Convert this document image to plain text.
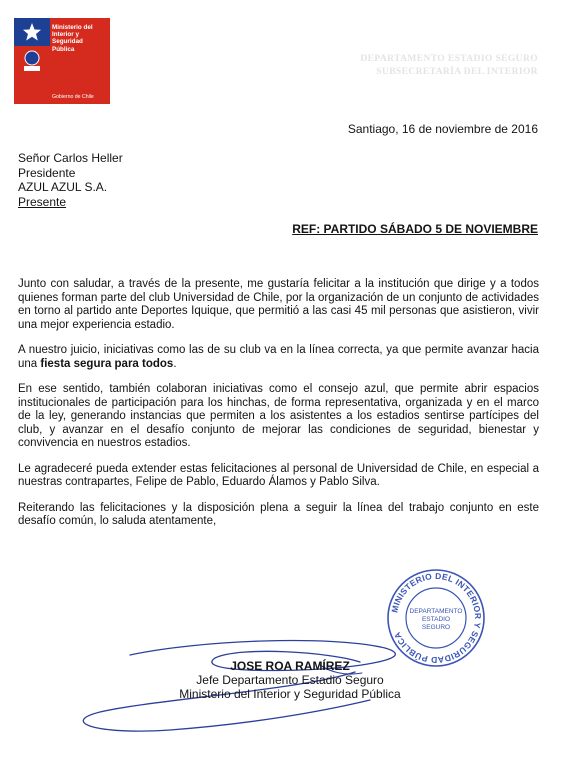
Ministerio del
Interior y
Seguridad
Pública
Gobierno de Chile
DEPARTAMENTO ESTADIO SEGURO
SUBSECRETARÍA DEL INTERIOR
Santiago, 16 de noviembre de 2016
Señor Carlos Heller
Presidente
AZUL AZUL S.A.
Presente
REF: PARTIDO SÁBADO 5 DE NOVIEMBRE

Junto con saludar, a través de la presente, me gustaría felicitar a la institución que dirige y a todos quienes forman parte del club Universidad de Chile, por la organización de un conjunto de actividades en torno al partido ante Deportes Iquique, que permitió a las casi 45 mil personas que asistieron, vivir una mejor experiencia estadio.

A nuestro juicio, iniciativas como las de su club va en la línea correcta, ya que permite avanzar hacia una fiesta segura para todos.

En ese sentido, también colaboran iniciativas como el consejo azul, que permite abrir espacios institucionales de participación para los hinchas, de forma representativa, organizada y en el marco de la ley, generando instancias que permiten a los asistentes a los estadios sentirse partícipes del club, y avanzar en el desafío conjunto de mejorar las condiciones de seguridad, bienestar y convivencia en nuestros estadios.

Le agradeceré pueda extender estas felicitaciones al personal de Universidad de Chile, en especial a nuestras contrapartes, Felipe de Pablo, Eduardo Álamos y Pablo Silva.

Reiterando las felicitaciones y la disposición plena a seguir la línea del trabajo conjunto en este desafío común, lo saluda atentamente,

MINISTERIO DEL INTERIOR Y SEGURIDAD PÚBLICA
DEPARTAMENTO
ESTADIO
SEGURO
JOSE ROA RAMÍREZ
Jefe Departamento Estadio Seguro
Ministerio del Interior y Seguridad Pública
